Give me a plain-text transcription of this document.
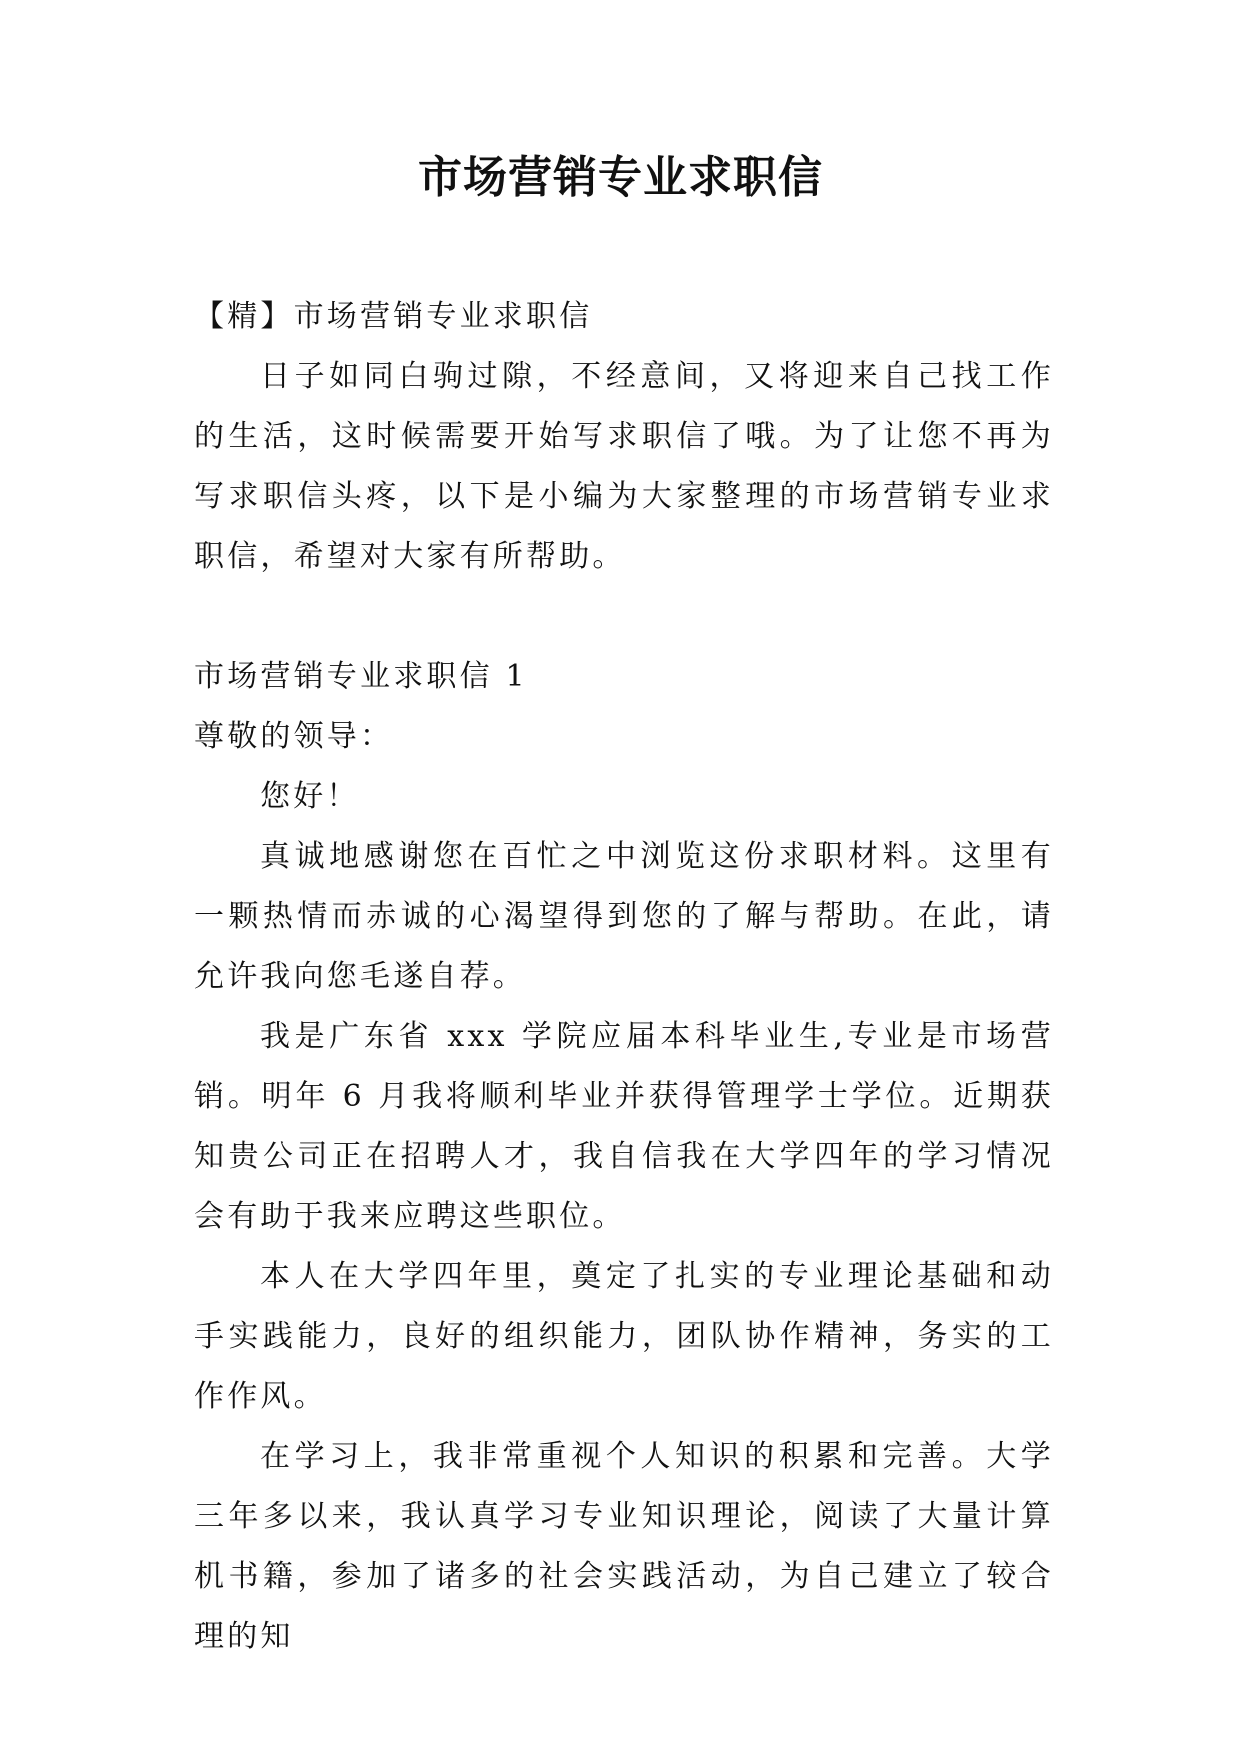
市场营销专业求职信

【精】市场营销专业求职信

日子如同白驹过隙，不经意间，又将迎来自己找工作的生活，这时候需要开始写求职信了哦。为了让您不再为写求职信头疼，以下是小编为大家整理的市场营销专业求职信，希望对大家有所帮助。

市场营销专业求职信 1

尊敬的领导：

您好！

真诚地感谢您在百忙之中浏览这份求职材料。这里有一颗热情而赤诚的心渴望得到您的了解与帮助。在此，请允许我向您毛遂自荐。

我是广东省 xxx 学院应届本科毕业生,专业是市场营销。明年 6 月我将顺利毕业并获得管理学士学位。近期获知贵公司正在招聘人才，我自信我在大学四年的学习情况会有助于我来应聘这些职位。

本人在大学四年里，奠定了扎实的专业理论基础和动手实践能力，良好的组织能力，团队协作精神，务实的工作作风。

在学习上，我非常重视个人知识的积累和完善。大学三年多以来，我认真学习专业知识理论，阅读了大量计算机书籍，参加了诸多的社会实践活动，为自己建立了较合理的知
